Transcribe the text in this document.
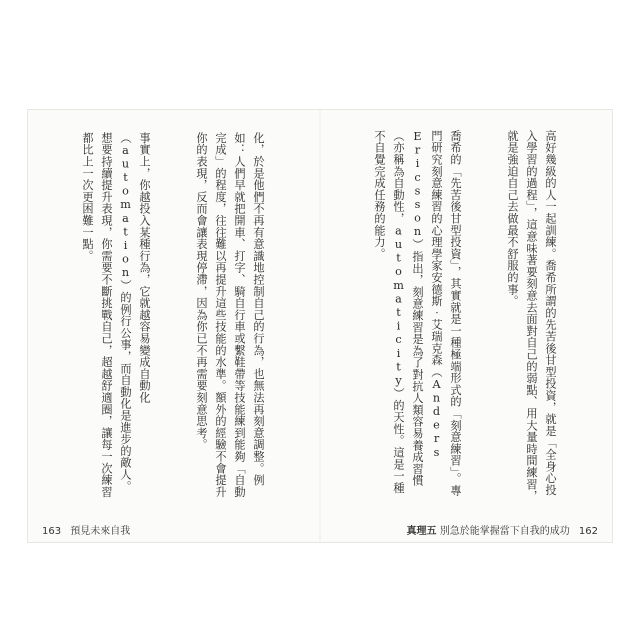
化，於是他們不再有意識地控制自己的行為，也無法再刻意調整。例如：人們早就把開車、打字、騎自行車或繫鞋帶等技能練到能夠「自動完成」的程度，往往難以再提升這些技能的水準。額外的經驗不會提升你的表現，反而會讓表現停滯，因為你已不再需要刻意思考。

事實上，你越投入某種行為，它就越容易變成自動化（automation）的例行公事，而自動化是進步的敵人。想要持續提升表現，你需要不斷挑戰自己，超越舒適圈，讓每一次練習都比上一次更困難一點。

163 預見未來自我

高好幾級的人一起訓練。喬希所謂的先苦後甘型投資，就是「全身心投入學習的過程」，這意味著要刻意去面對自己的弱點、用大量時間練習，就是強迫自己去做最不舒服的事。

喬希的「先苦後甘型投資」，其實就是一種極端形式的「刻意練習」。專門研究刻意練習的心理學家安德斯‧艾瑞克森（Anders Ericsson）指出，刻意練習是為了對抗人類容易養成習慣（亦稱為自動性，automaticity）的天性。這是一種不自覺完成任務的能力。

真理五 別急於能掌握當下自我的成功 162
